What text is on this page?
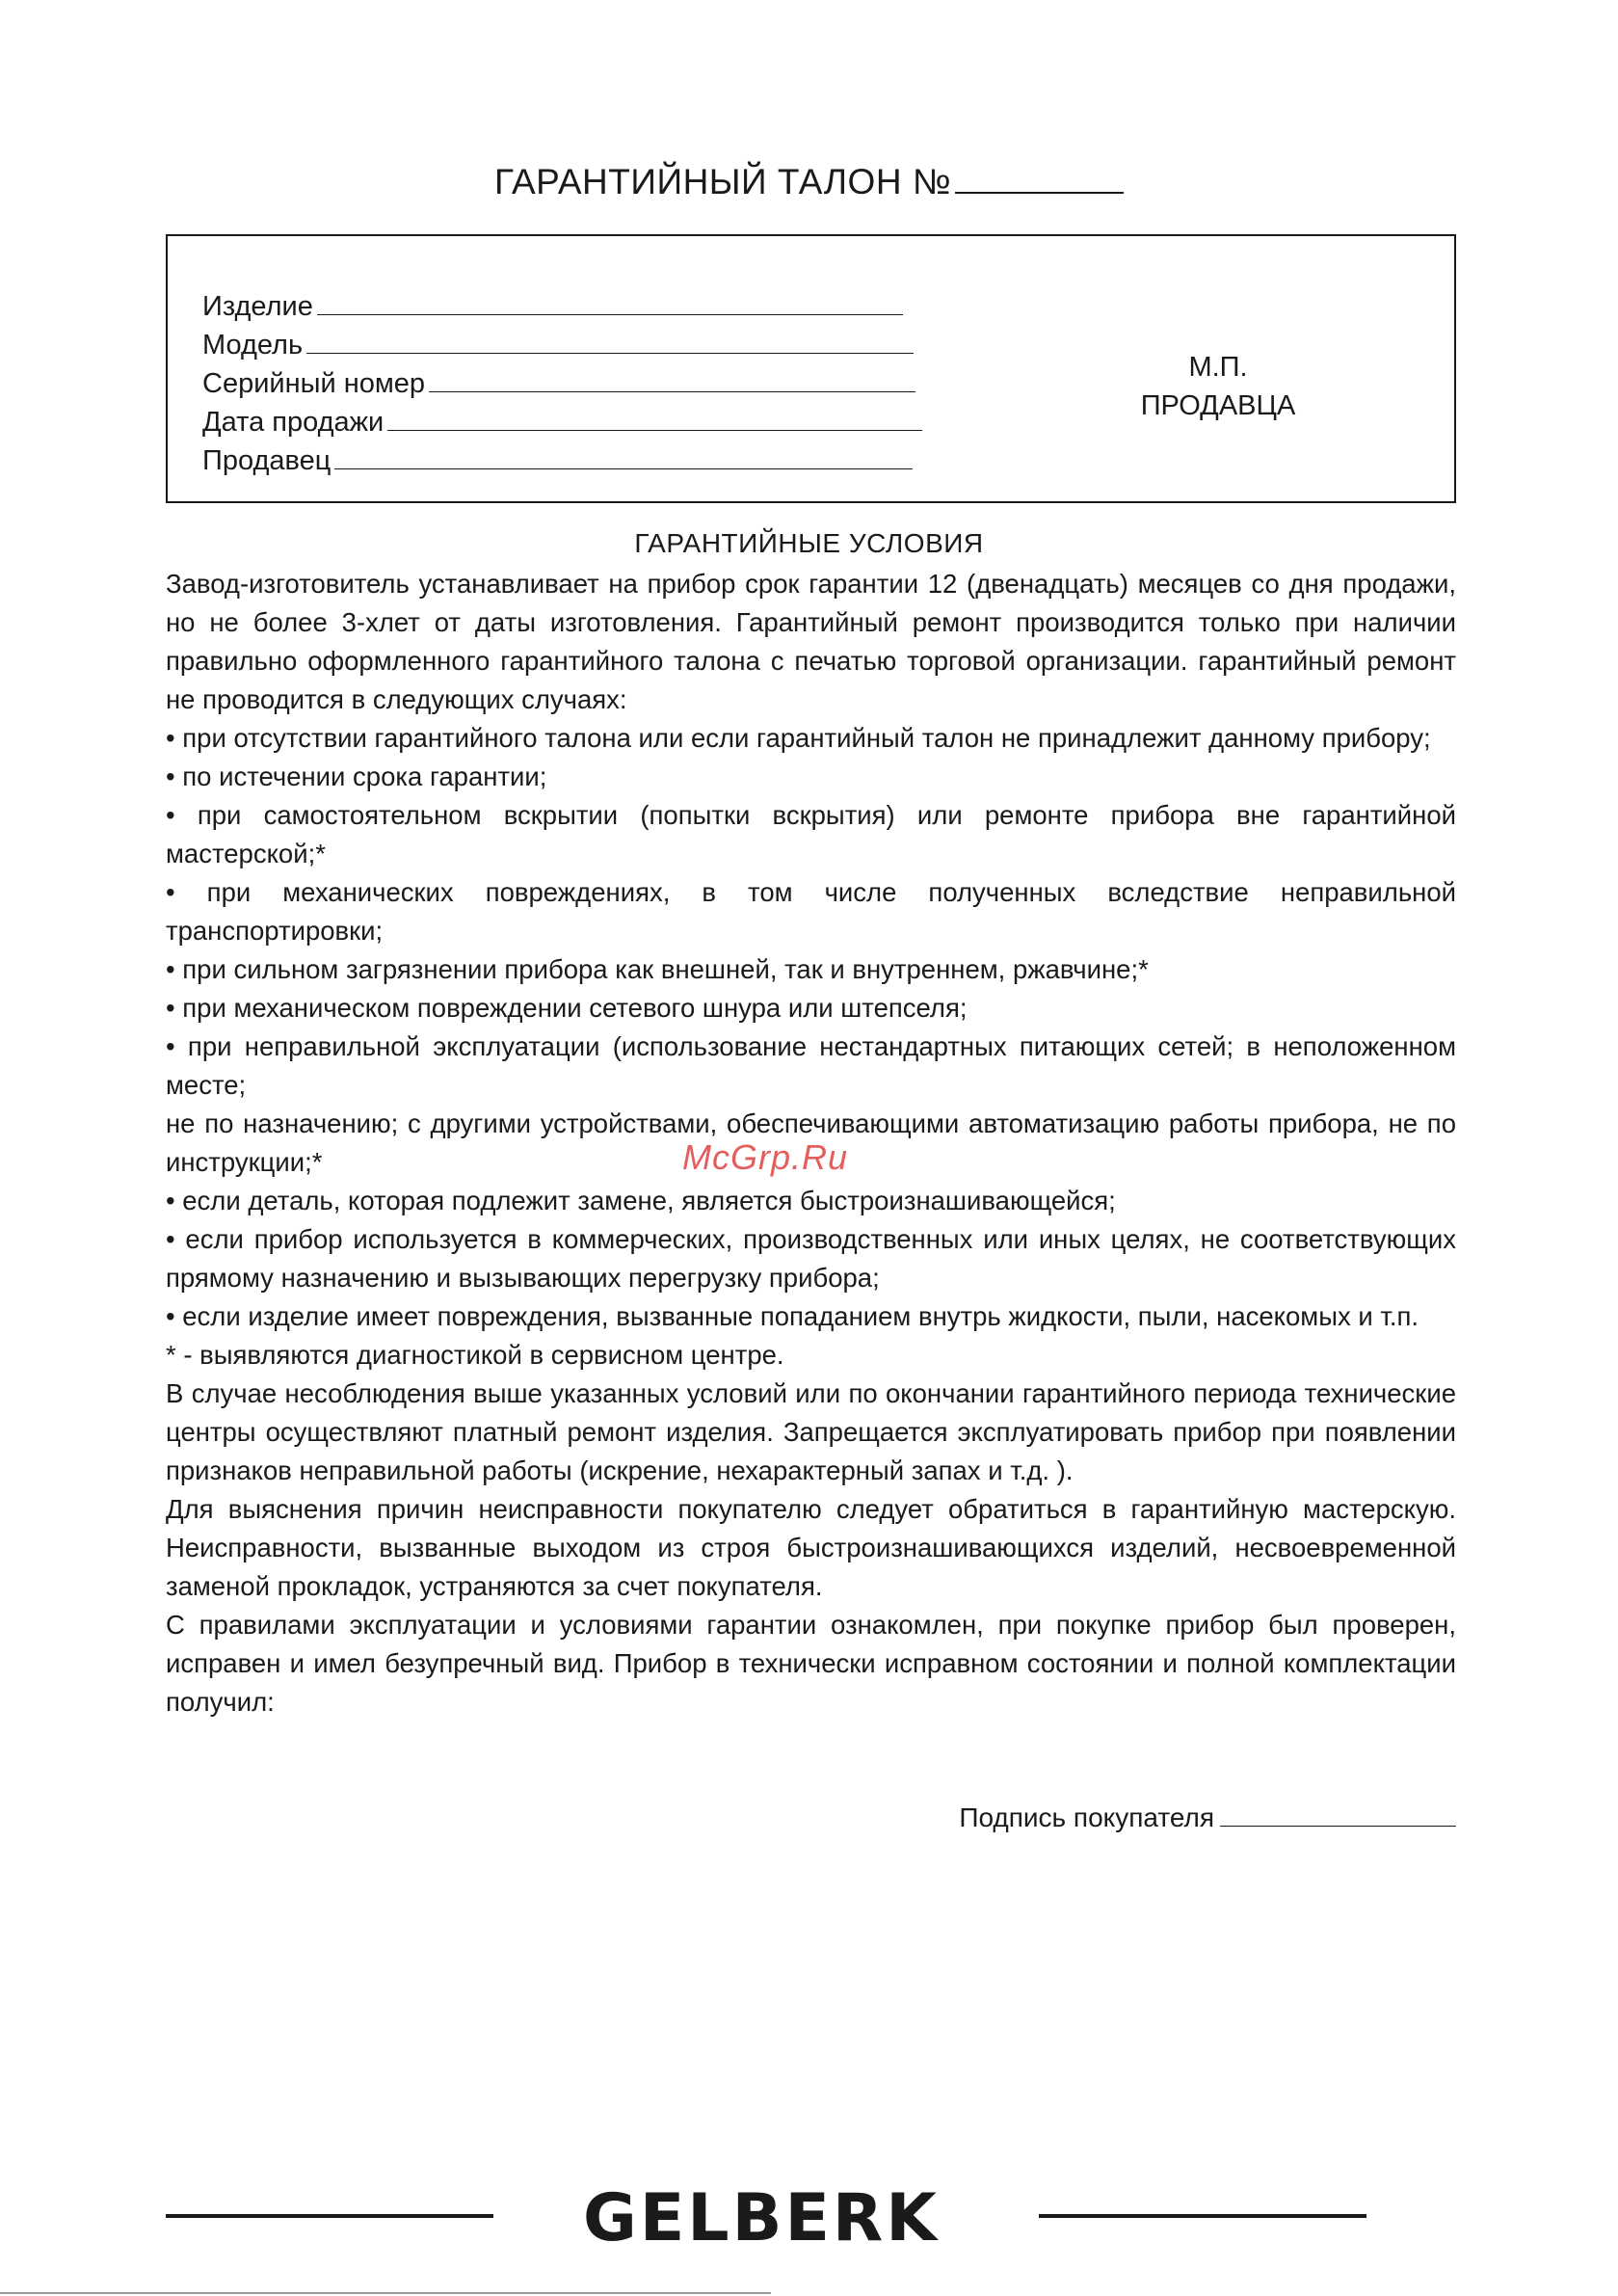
ГАРАНТИЙНЫЙ ТАЛОН №
Изделие
Модель
Серийный номер
Дата продажи
Продавец
М.П.
ПРОДАВЦА
ГАРАНТИЙНЫЕ УСЛОВИЯ

Завод-изготовитель устанавливает на прибор срок гарантии 12 (двенадцать) месяцев со дня продажи, но не более 3-хлет от даты изготовления. Гарантийный ремонт производится только при наличии правильно оформленного гарантийного талона с печатью торговой организации. гарантийный ремонт не проводится в следующих случаях:

• при отсутствии гарантийного талона или если гарантийный талон не принадлежит данному прибору;

• по истечении срока гарантии;

• при самостоятельном вскрытии (попытки вскрытия) или ремонте прибора вне гарантийной мастерской;*

• при механических повреждениях, в том числе полученных вследствие неправильной транспортировки;

• при сильном загрязнении прибора как внешней, так и внутреннем, ржавчине;*

• при механическом повреждении сетевого шнура или штепселя;

• при неправильной эксплуатации (использование нестандартных питающих сетей; в неположенном месте;

не по назначению; с другими устройствами, обеспечивающими автоматизацию работы прибора, не по инструкции;*

• если деталь, которая подлежит замене, является быстроизнашивающейся;

• если прибор используется в коммерческих, производственных или иных целях, не соответствующих прямому назначению и вызывающих перегрузку прибора;

• если изделие имеет повреждения, вызванные попаданием внутрь жидкости, пыли, насекомых и т.п.

* - выявляются диагностикой в сервисном центре.

В случае несоблюдения выше указанных условий или по окончании гарантийного периода технические центры осуществляют платный ремонт изделия. Запрещается эксплуатировать прибор при появлении признаков неправильной работы (искрение, нехарактерный запах и т.д. ).

Для выяснения причин неисправности покупателю следует обратиться в гарантийную мастерскую. Неисправности, вызванные выходом из строя быстроизнашивающихся изделий, несвоевременной заменой прокладок, устраняются за счет покупателя.

С правилами эксплуатации и условиями гарантии ознакомлен, при покупке прибор был проверен, исправен и имел безупречный вид. Прибор в технически исправном состоянии и полной комплектации получил:

Подпись покупателя
McGrp.Ru
GELBERK
